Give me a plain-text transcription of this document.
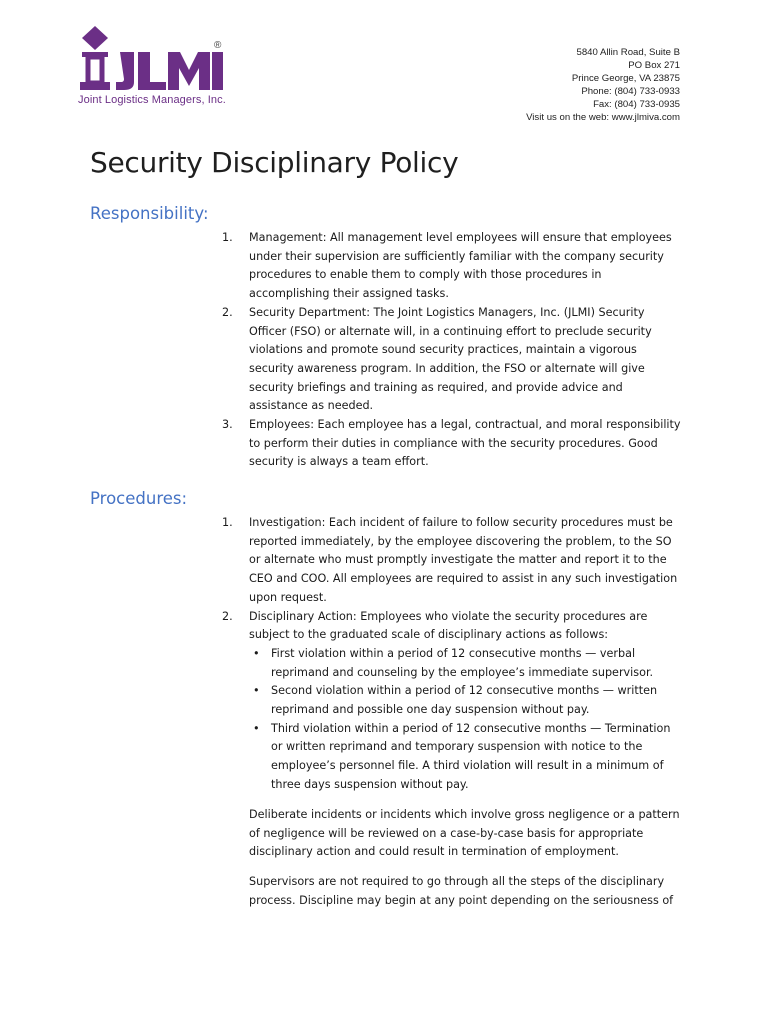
®
Joint Logistics Managers, Inc.
5840 Allin Road, Suite B
PO Box 271
Prince George, VA 23875
Phone: (804) 733-0933
Fax: (804) 733-0935
Visit us on the web: www.jlmiva.com
Security Disciplinary Policy
Responsibility:
1. Management: All management level employees will ensure that employees under their supervision are sufficiently familiar with the company security procedures to enable them to comply with those procedures in accomplishing their assigned tasks.
2. Security Department: The Joint Logistics Managers, Inc. (JLMI) Security Officer (FSO) or alternate will, in a continuing effort to preclude security violations and promote sound security practices, maintain a vigorous security awareness program. In addition, the FSO or alternate will give security briefings and training as required, and provide advice and assistance as needed.
3. Employees: Each employee has a legal, contractual, and moral responsibility to perform their duties in compliance with the security procedures. Good security is always a team effort.
Procedures:
1. Investigation: Each incident of failure to follow security procedures must be reported immediately, by the employee discovering the problem, to the SO or alternate who must promptly investigate the matter and report it to the CEO and COO. All employees are required to assist in any such investigation upon request.
2. Disciplinary Action: Employees who violate the security procedures are subject to the graduated scale of disciplinary actions as follows:
• First violation within a period of 12 consecutive months — verbal reprimand and counseling by the employee’s immediate supervisor.
• Second violation within a period of 12 consecutive months — written reprimand and possible one day suspension without pay.
• Third violation within a period of 12 consecutive months — Termination or written reprimand and temporary suspension with notice to the employee’s personnel file. A third violation will result in a minimum of three days suspension without pay.

Deliberate incidents or incidents which involve gross negligence or a pattern of negligence will be reviewed on a case-by-case basis for appropriate disciplinary action and could result in termination of employment.

Supervisors are not required to go through all the steps of the disciplinary process. Discipline may begin at any point depending on the seriousness of
